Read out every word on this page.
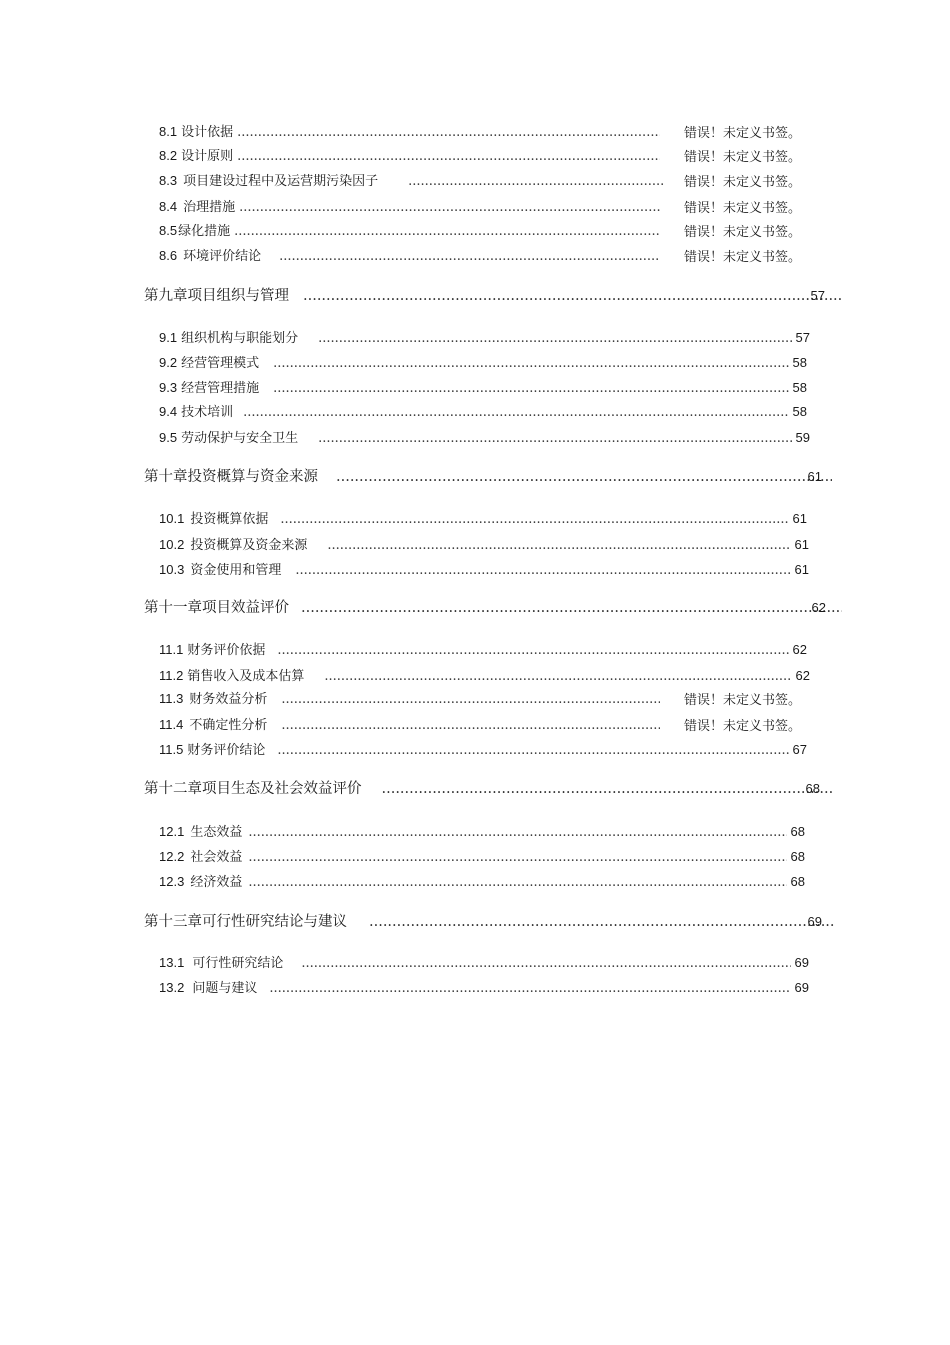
8.1 设计依据 .....	错误！未定义书签。
8.2 设计原则 .....	错误！未定义书签。
8.3 项目建设过程中及运营期污染因子 .....	错误！未定义书签。
8.4 治理措施 .....	错误！未定义书签。
8.5 绿化措施 .....	错误！未定义书签。
8.6 环境评价结论 .....	错误！未定义书签。
第九章 项目组织与管理 .....	57
9.1 组织机构与职能划分 .....	57
9.2 经营管理模式 .....	58
9.3 经营管理措施 .....	58
9.4 技术培训 .....	58
9.5 劳动保护与安全卫生 .....	59
第十章 投资概算与资金来源 .....	61
10.1 投资概算依据 .....	61
10.2 投资概算及资金来源 .....	61
10.3 资金使用和管理 .....	61
第十一章 项目效益评价 .....	62
11.1 财务评价依据 .....	62
11.2 销售收入及成本估算 .....	62
11.3 财务效益分析 .....	错误！未定义书签。
11.4 不确定性分析 .....	错误！未定义书签。
11.5 财务评价结论 .....	67
第十二章 项目生态及社会效益评价 .....	68
12.1 生态效益 .....	68
12.2 社会效益 .....	68
12.3 经济效益 .....	68
第十三章 可行性研究结论与建议 .....	69
13.1 可行性研究结论 .....	69
13.2 问题与建议 .....	69
